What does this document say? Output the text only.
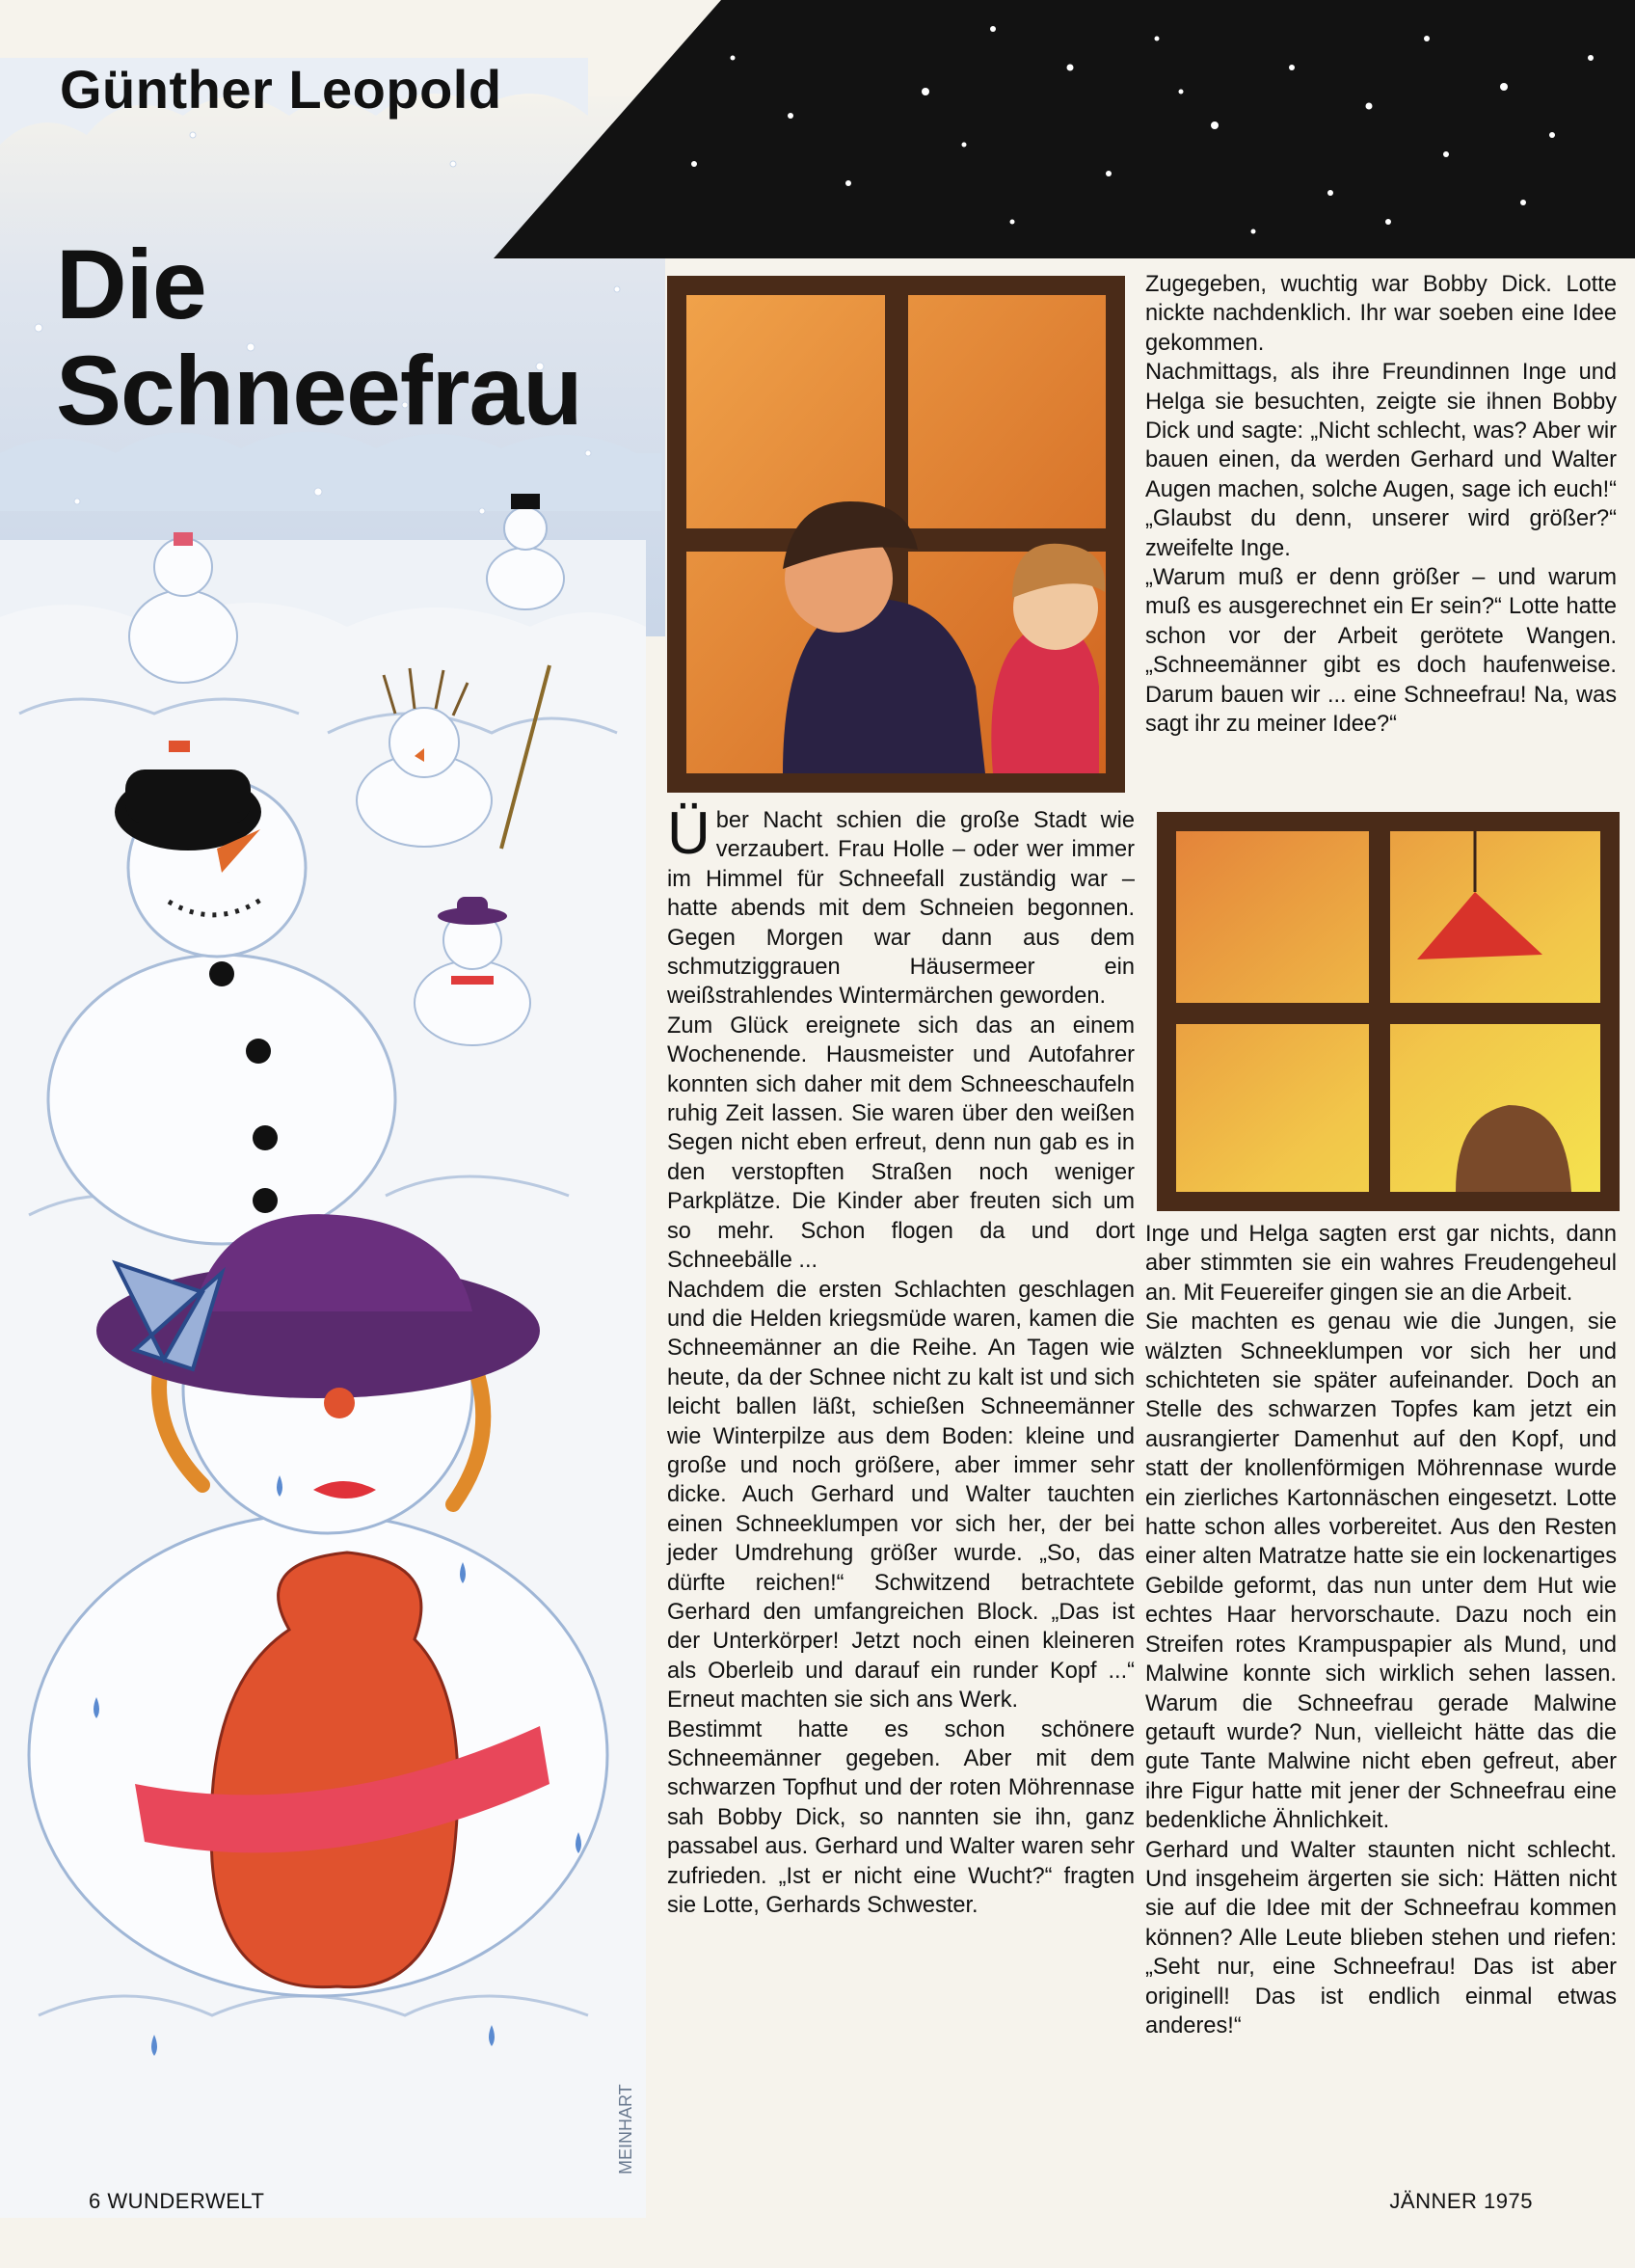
MEINHART
Günther Leopold
Die
Schneefrau

Über Nacht schien die große Stadt wie verzaubert. Frau Holle – oder wer immer im Himmel für Schneefall zuständig war – hatte abends mit dem Schneien begonnen. Gegen Morgen war dann aus dem schmutziggrauen Häusermeer ein weißstrahlendes Wintermärchen geworden.

Zum Glück ereignete sich das an einem Wochenende. Hausmeister und Autofahrer konnten sich daher mit dem Schneeschaufeln ruhig Zeit lassen. Sie waren über den weißen Segen nicht eben erfreut, denn nun gab es in den verstopften Straßen noch weniger Parkplätze. Die Kinder aber freuten sich um so mehr. Schon flogen da und dort Schneebälle ...

Nachdem die ersten Schlachten geschlagen und die Helden kriegsmüde waren, kamen die Schneemänner an die Reihe. An Tagen wie heute, da der Schnee nicht zu kalt ist und sich leicht ballen läßt, schießen Schneemänner wie Winterpilze aus dem Boden: kleine und große und noch größere, aber immer sehr dicke. Auch Gerhard und Walter tauchten einen Schneeklumpen vor sich her, der bei jeder Umdrehung größer wurde. „So, das dürfte reichen!“ Schwitzend betrachtete Gerhard den umfangreichen Block. „Das ist der Unterkörper! Jetzt noch einen kleineren als Oberleib und darauf ein runder Kopf ...“ Erneut machten sie sich ans Werk.

Bestimmt hatte es schon schönere Schneemänner gegeben. Aber mit dem schwarzen Topfhut und der roten Möhrennase sah Bobby Dick, so nannten sie ihn, ganz passabel aus. Gerhard und Walter waren sehr zufrieden. „Ist er nicht eine Wucht?“ fragten sie Lotte, Gerhards Schwester.

Zugegeben, wuchtig war Bobby Dick. Lotte nickte nachdenklich. Ihr war soeben eine Idee gekommen.

Nachmittags, als ihre Freundinnen Inge und Helga sie besuchten, zeigte sie ihnen Bobby Dick und sagte: „Nicht schlecht, was? Aber wir bauen einen, da werden Gerhard und Walter Augen machen, solche Augen, sage ich euch!“ „Glaubst du denn, unserer wird größer?“ zweifelte Inge.

„Warum muß er denn größer – und warum muß es ausgerechnet ein Er sein?“ Lotte hatte schon vor der Arbeit gerötete Wangen. „Schneemänner gibt es doch haufenweise. Darum bauen wir ... eine Schneefrau! Na, was sagt ihr zu meiner Idee?“

Inge und Helga sagten erst gar nichts, dann aber stimmten sie ein wahres Freudengeheul an. Mit Feuereifer gingen sie an die Arbeit.

Sie machten es genau wie die Jungen, sie wälzten Schneeklumpen vor sich her und schichteten sie später aufeinander. Doch an Stelle des schwarzen Topfes kam jetzt ein ausrangierter Damenhut auf den Kopf, und statt der knollenförmigen Möhrennase wurde ein zierliches Kartonnäschen eingesetzt. Lotte hatte schon alles vorbereitet. Aus den Resten einer alten Matratze hatte sie ein lockenartiges Gebilde geformt, das nun unter dem Hut wie echtes Haar hervorschaute. Dazu noch ein Streifen rotes Krampuspapier als Mund, und Malwine konnte sich wirklich sehen lassen. Warum die Schneefrau gerade Malwine getauft wurde? Nun, vielleicht hätte das die gute Tante Malwine nicht eben gefreut, aber ihre Figur hatte mit jener der Schneefrau eine bedenkliche Ähnlichkeit.

Gerhard und Walter staunten nicht schlecht. Und insgeheim ärgerten sie sich: Hätten nicht sie auf die Idee mit der Schneefrau kommen können? Alle Leute blieben stehen und riefen: „Seht nur, eine Schneefrau! Das ist aber originell! Das ist endlich einmal etwas anderes!“

6 WUNDERWELT	JÄNNER 1975
